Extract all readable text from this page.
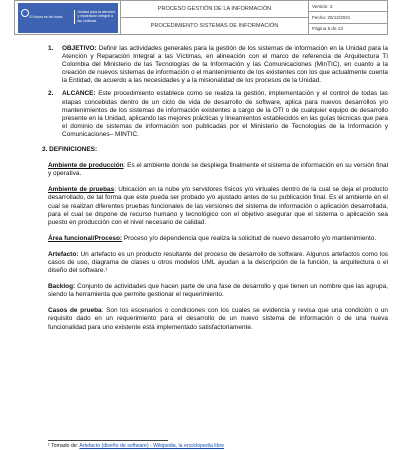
El futuro es de todos
Unidad para la atención y reparación integral a las víctimas
PROCESO GESTIÓN DE LA INFORMACIÓN
PROCEDIMIENTO SISTEMAS DE INFORMACIÓN
Versión: 3
Fecha: 20/12/2021
Página 5 de 13
1.	OBJETIVO: Definir las actividades generales para la gestión de los sistemas de información en la Unidad para la Atención y Reparación Integral a las Víctimas, en alineación con el marco de referencia de Arquitectura TI Colombia del Ministerio de las Tecnologías de la Información y las Comunicaciones (MinTIC), en cuanto a la creación de nuevos sistemas de información o el mantenimiento de los existentes con los que actualmente cuenta la Entidad, de acuerdo a las necesidades y a la misionalidad de los procesos de la Unidad.

2.	ALCANCE: Este procedimiento establece como se realiza la gestión, implementación y el control de todas las etapas concebidas dentro de un ciclo de vida de desarrollo de software, aplica para nuevos desarrollos y/o mantenimientos de los sistemas de información existentes a cargo de la OTI o de cualquier equipo de desarrollo presente en la Unidad, aplicando las mejores prácticas y lineamientos establecidos en las guías técnicas que para el dominio de sistemas de información son publicadas por el Ministerio de Tecnologías de la Información y Comunicaciones– MINTIC.

3. DEFINICIONES:

Ambiente de producción: Es el ambiente donde se despliega finalmente el sistema de información en su versión final y operativa.

Ambiente de pruebas: Ubicación en la nube y/o servidores físicos y/o virtuales dentro de la cual se deja el producto desarrollado, de tal forma que este pueda ser probado y/o ajustado antes de su publicación final. Es el ambiente en el cual se realizan diferentes pruebas funcionales de las versiones del sistema de información o aplicación desarrollada, para el cual se dispone de recurso humano y tecnológico con el objetivo asegurar que el sistema o aplicación sea puesto en producción con el nivel necesario de calidad.

Área funcional/Proceso: Proceso y/o dependencia que realiza la solicitud de nuevo desarrollo y/o mantenimiento.

Artefacto: Un artefacto es un producto resultante del proceso de desarrollo de software. Algunos artefactos como los casos de uso, diagrama de clases u otros modelos UML ayudan a la descripción de la función, la arquitectura o el diseño del software.¹

Backlog: Conjunto de actividades que hacen parte de una fase de desarrollo y que tienen un nombre que las agrupa, siendo la herramienta que permite gestionar el requerimiento.

Casos de prueba: Son los escenarios o condiciones con los cuales se evidencia y revisa que una condición o un requisito dado en un requerimiento para el desarrollo de un nuevo sistema de información o de una nueva funcionalidad para uno existente está implementado satisfactoriamente.

¹ Tomado de: Artefacto (diseño de software) - Wikipedia, la enciclopedia libre
